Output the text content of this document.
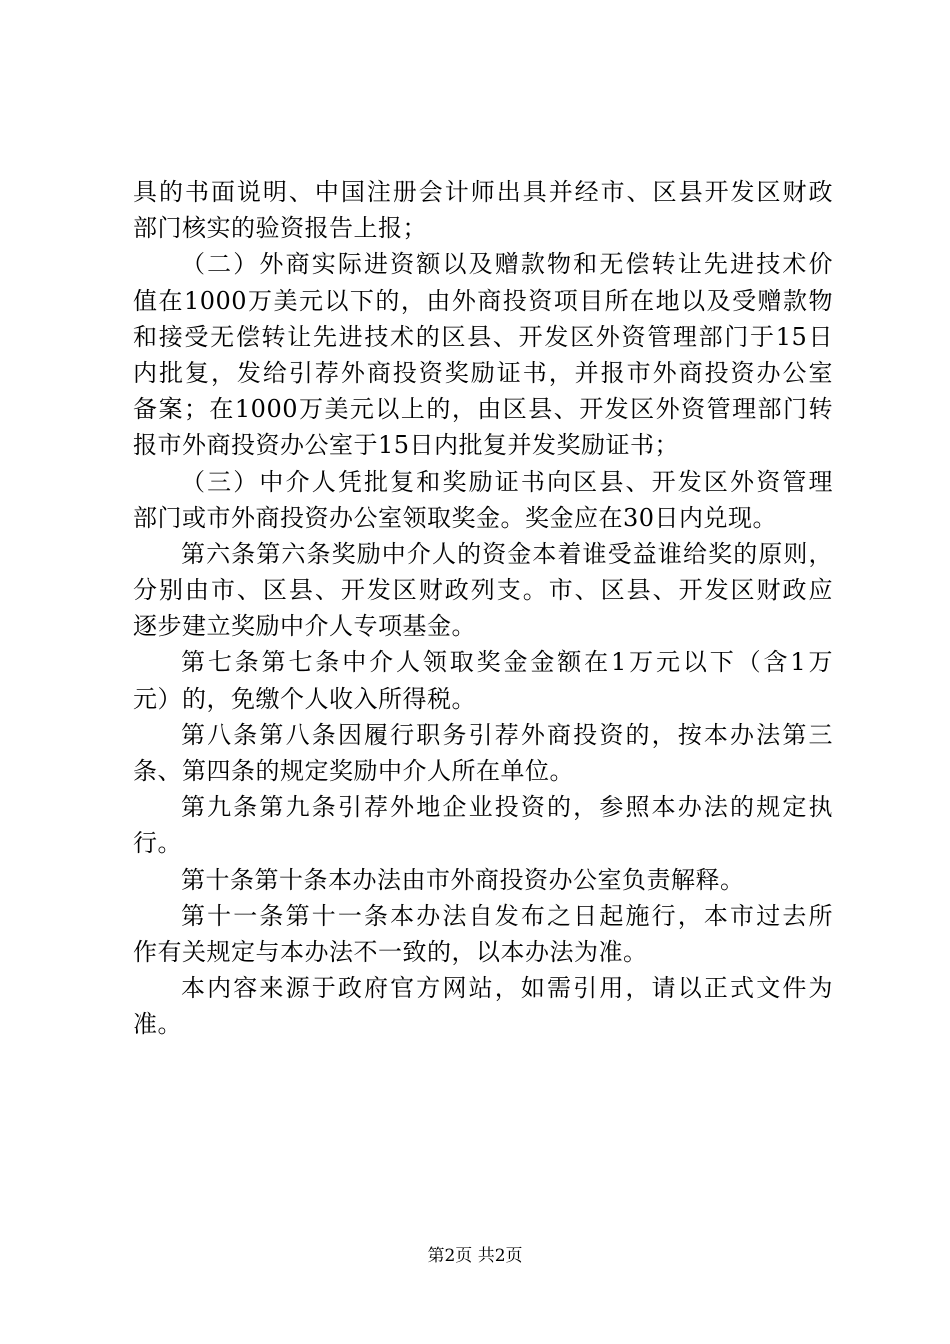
具的书面说明、中国注册会计师出具并经市、区县开发区财政
部门核实的验资报告上报；
（二）外商实际进资额以及赠款物和无偿转让先进技术价
值在1000万美元以下的，由外商投资项目所在地以及受赠款物
和接受无偿转让先进技术的区县、开发区外资管理部门于15日
内批复，发给引荐外商投资奖励证书，并报市外商投资办公室
备案；在1000万美元以上的，由区县、开发区外资管理部门转
报市外商投资办公室于15日内批复并发奖励证书；
（三）中介人凭批复和奖励证书向区县、开发区外资管理
部门或市外商投资办公室领取奖金。奖金应在30日内兑现。
第六条第六条奖励中介人的资金本着谁受益谁给奖的原则，
分别由市、区县、开发区财政列支。市、区县、开发区财政应
逐步建立奖励中介人专项基金。
第七条第七条中介人领取奖金金额在1万元以下（含1万
元）的，免缴个人收入所得税。
第八条第八条因履行职务引荐外商投资的，按本办法第三
条、第四条的规定奖励中介人所在单位。
第九条第九条引荐外地企业投资的，参照本办法的规定执
行。
第十条第十条本办法由市外商投资办公室负责解释。
第十一条第十一条本办法自发布之日起施行，本市过去所
作有关规定与本办法不一致的，以本办法为准。
本内容来源于政府官方网站，如需引用，请以正式文件为
准。
第2页 共2页
